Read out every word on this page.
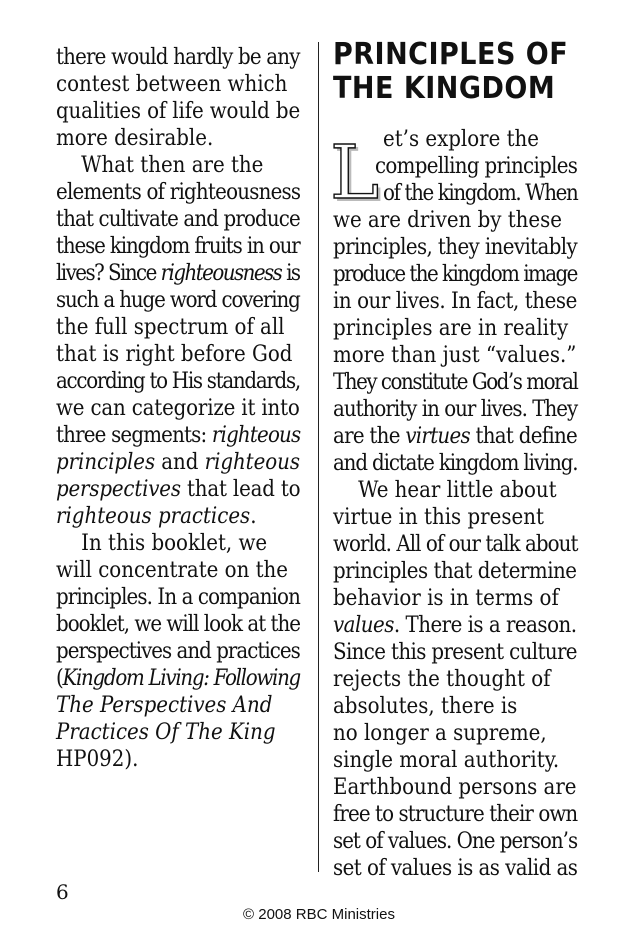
there would hardly be any
contest between which
qualities of life would be
more desirable.
What then are the
elements of righteousness
that cultivate and produce
these kingdom fruits in our
lives? Since righteousness is
such a huge word covering
the full spectrum of all
that is right before God
according to His standards,
we can categorize it into
three segments: righteous
principles and righteous
perspectives that lead to
righteous practices.
In this booklet, we
will concentrate on the
principles. In a companion
booklet, we will look at the
perspectives and practices
(Kingdom Living: Following
The Perspectives And
Practices Of The King
HP092).
PRINCIPLES OF
THE KINGDOM
L et’s explore the
compelling principles
of the kingdom. When
we are driven by these
principles, they inevitably
produce the kingdom image
in our lives. In fact, these
principles are in reality
more than just “values.”
They constitute God’s moral
authority in our lives. They
are the virtues that define
and dictate kingdom living.
We hear little about
virtue in this present
world. All of our talk about
principles that determine
behavior is in terms of
values. There is a reason.
Since this present culture
rejects the thought of
absolutes, there is
no longer a supreme,
single moral authority.
Earthbound persons are
free to structure their own
set of values. One person’s
set of values is as valid as
6
© 2008 RBC Ministries
